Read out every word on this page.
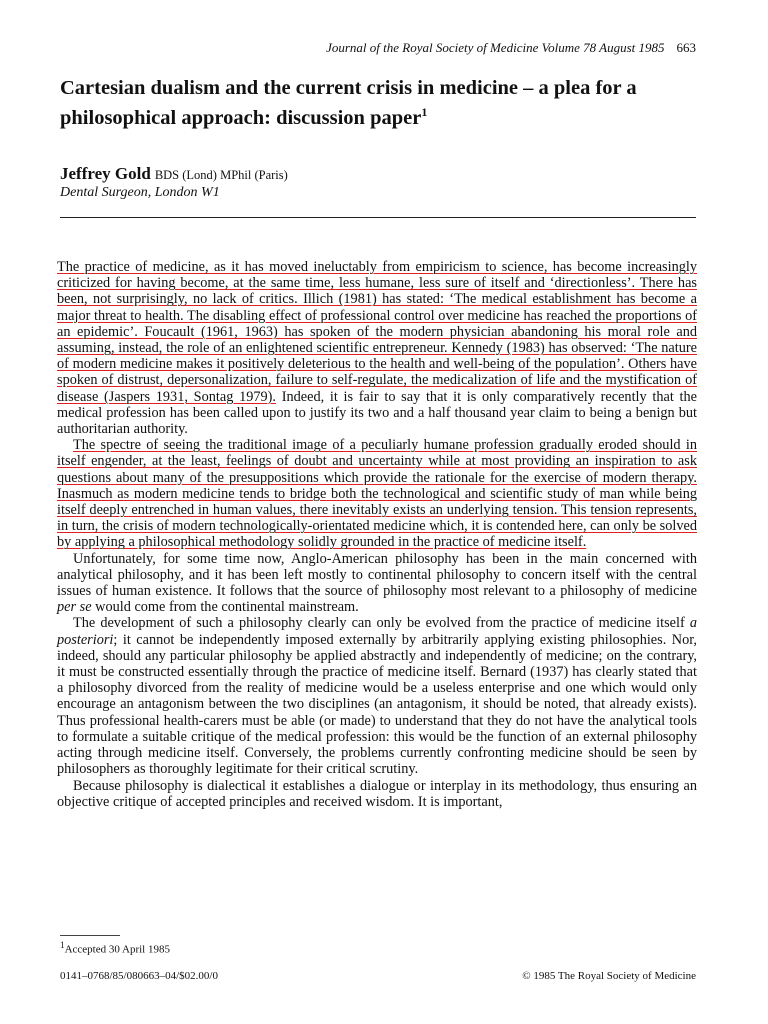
Journal of the Royal Society of Medicine Volume 78 August 1985 663
Cartesian dualism and the current crisis in medicine – a plea for a philosophical approach: discussion paper$^1$
Jeffrey Gold BDS (Lond) MPhil (Paris)
Dental Surgeon, London W1

The practice of medicine, as it has moved ineluctably from empiricism to science, has become increasingly criticized for having become, at the same time, less humane, less sure of itself and ‘directionless’. There has been, not surprisingly, no lack of critics. Illich (1981) has stated: ‘The medical establishment has become a major threat to health. The disabling effect of professional control over medicine has reached the proportions of an epidemic’. Foucault (1961, 1963) has spoken of the modern physician abandoning his moral role and assuming, instead, the role of an enlightened scientific entrepreneur. Kennedy (1983) has observed: ‘The nature of modern medicine makes it positively deleterious to the health and well-being of the population’. Others have spoken of distrust, depersonalization, failure to self-regulate, the medicalization of life and the mystification of disease (Jaspers 1931, Sontag 1979). Indeed, it is fair to say that it is only comparatively recently that the medical profession has been called upon to justify its two and a half thousand year claim to being a benign but authoritarian authority.

The spectre of seeing the traditional image of a peculiarly humane profession gradually eroded should in itself engender, at the least, feelings of doubt and uncertainty while at most providing an inspiration to ask questions about many of the presuppositions which provide the rationale for the exercise of modern therapy. Inasmuch as modern medicine tends to bridge both the technological and scientific study of man while being itself deeply entrenched in human values, there inevitably exists an underlying tension. This tension represents, in turn, the crisis of modern technologically-orientated medicine which, it is contended here, can only be solved by applying a philosophical methodology solidly grounded in the practice of medicine itself.

Unfortunately, for some time now, Anglo-American philosophy has been in the main concerned with analytical philosophy, and it has been left mostly to continental philosophy to concern itself with the central issues of human existence. It follows that the source of philosophy most relevant to a philosophy of medicine per se would come from the continental mainstream.

The development of such a philosophy clearly can only be evolved from the practice of medicine itself a posteriori; it cannot be independently imposed externally by arbitrarily applying existing philosophies. Nor, indeed, should any particular philosophy be applied abstractly and independently of medicine; on the contrary, it must be constructed essentially through the practice of medicine itself. Bernard (1937) has clearly stated that a philosophy divorced from the reality of medicine would be a useless enterprise and one which would only encourage an antagonism between the two disciplines (an antagonism, it should be noted, that already exists). Thus professional health-carers must be able (or made) to understand that they do not have the analytical tools to formulate a suitable critique of the medical profession: this would be the function of an external philosophy acting through medicine itself. Conversely, the problems currently confronting medicine should be seen by philosophers as thoroughly legitimate for their critical scrutiny.

Because philosophy is dialectical it establishes a dialogue or interplay in its methodology, thus ensuring an objective critique of accepted principles and received wisdom. It is important,

$^1$Accepted 30 April 1985
0141–0768/85/080663–04/$02.00/0	© 1985 The Royal Society of Medicine
